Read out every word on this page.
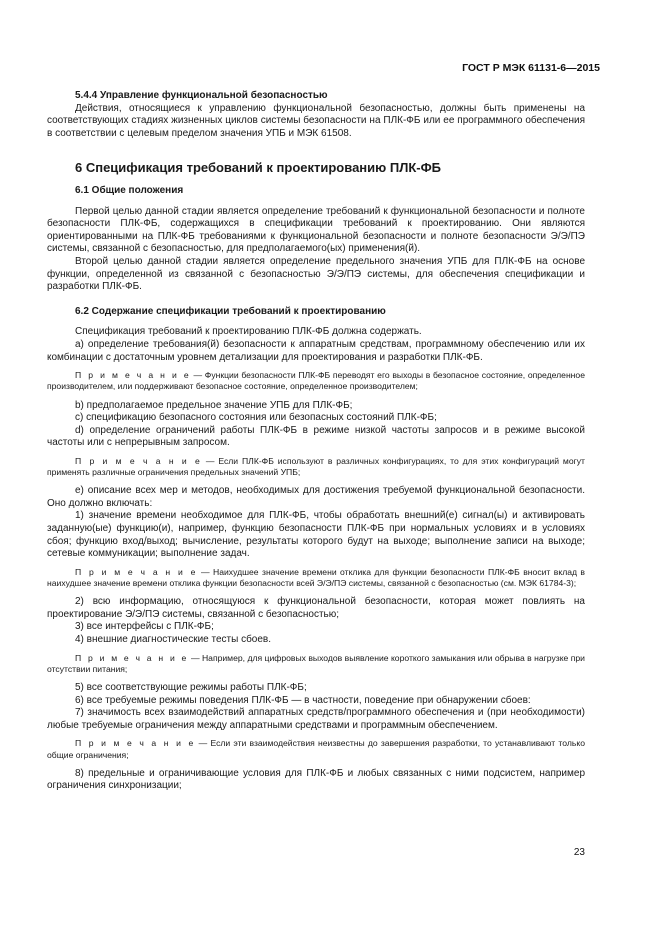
ГОСТ Р МЭК 61131-6—2015
5.4.4 Управление функциональной безопасностью

Действия, относящиеся к управлению функциональной безопасностью, должны быть применены на соответствующих стадиях жизненных циклов системы безопасности на ПЛК-ФБ или ее программного обеспечения в соответствии с целевым пределом значения УПБ и МЭК 61508.

6 Спецификация требований к проектированию ПЛК-ФБ
6.1 Общие положения

Первой целью данной стадии является определение требований к функциональной безопасности и полноте безопасности ПЛК-ФБ, содержащихся в спецификации требований к проектированию. Они являются ориентированными на ПЛК-ФБ требованиями к функциональной безопасности и полноте безопасности Э/Э/ПЭ системы, связанной с безопасностью, для предполагаемого(ых) применения(й).

Второй целью данной стадии является определение предельного значения УПБ для ПЛК-ФБ на основе функции, определенной из связанной с безопасностью Э/Э/ПЭ системы, для обеспечения спецификации и разработки ПЛК-ФБ.

6.2 Содержание спецификации требований к проектированию

Спецификация требований к проектированию ПЛК-ФБ должна содержать.

а) определение требования(й) безопасности к аппаратным средствам, программному обеспечению или их комбинации с достаточным уровнем детализации для проектирования и разработки ПЛК-ФБ.

П р и м е ч а н и е — Функции безопасности ПЛК-ФБ переводят его выходы в безопасное состояние, определенное производителем, или поддерживают безопасное состояние, определенное производителем;

b) предполагаемое предельное значение УПБ для ПЛК-ФБ;

с) спецификацию безопасного состояния или безопасных состояний ПЛК-ФБ;

d) определение ограничений работы ПЛК-ФБ в режиме низкой частоты запросов и в режиме высокой частоты или с непрерывным запросом.

П р и м е ч а н и е — Если ПЛК-ФБ используют в различных конфигурациях, то для этих конфигураций могут применять различные ограничения предельных значений УПБ;

е) описание всех мер и методов, необходимых для достижения требуемой функциональной безопасности. Оно должно включать:

1) значение времени необходимое для ПЛК-ФБ, чтобы обработать внешний(е) сигнал(ы) и активировать заданную(ые) функцию(и), например, функцию безопасности ПЛК-ФБ при нормальных условиях и в условиях сбоя; функцию вход/выход; вычисление, результаты которого будут на выходе; выполнение записи на выходе; сетевые коммуникации; выполнение задач.

П р и м е ч а н и е — Наихудшее значение времени отклика для функции безопасности ПЛК-ФБ вносит вклад в наихудшее значение времени отклика функции безопасности всей Э/Э/ПЭ системы, связанной с безопасностью (см. МЭК 61784-3);

2) всю информацию, относящуюся к функциональной безопасности, которая может повлиять на проектирование Э/Э/ПЭ системы, связанной с безопасностью;

3) все интерфейсы с ПЛК-ФБ;

4) внешние диагностические тесты сбоев.

П р и м е ч а н и е — Например, для цифровых выходов выявление короткого замыкания или обрыва в нагрузке при отсутствии питания;

5) все соответствующие режимы работы ПЛК-ФБ;

6) все требуемые режимы поведения ПЛК-ФБ — в частности, поведение при обнаружении сбоев:

7) значимость всех взаимодействий аппаратных средств/программного обеспечения и (при необходимости) любые требуемые ограничения между аппаратными средствами и программным обеспечением.

П р и м е ч а н и е — Если эти взаимодействия неизвестны до завершения разработки, то устанавливают только общие ограничения;

8) предельные и ограничивающие условия для ПЛК-ФБ и любых связанных с ними подсистем, например ограничения синхронизации;

23
